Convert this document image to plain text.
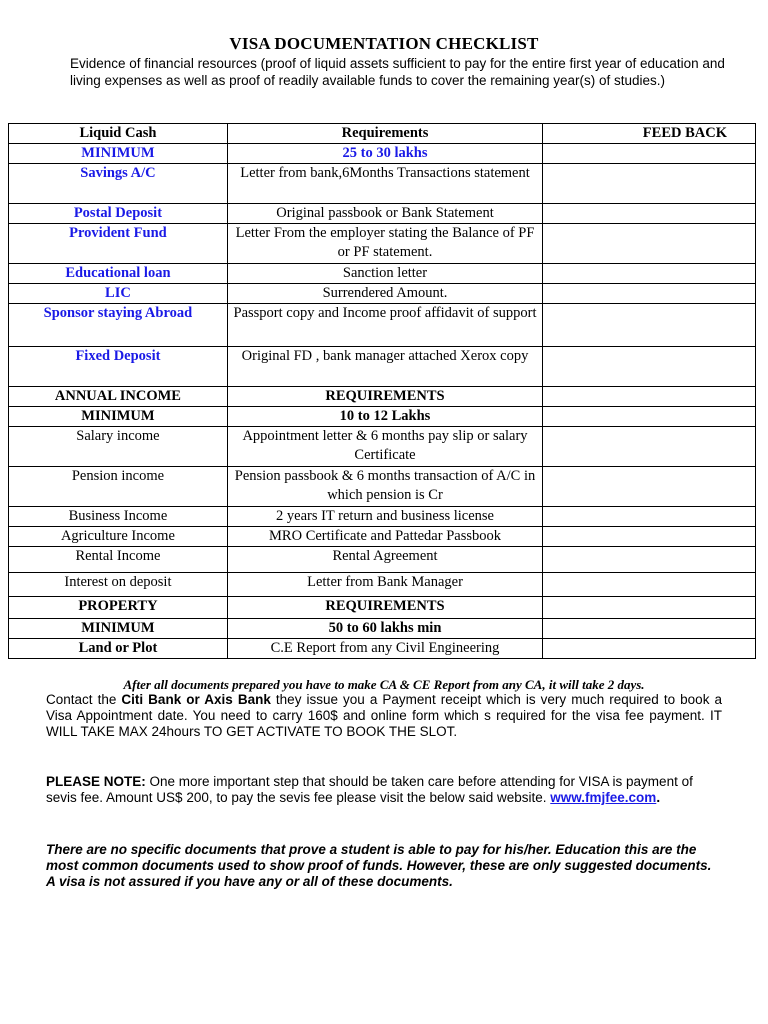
VISA DOCUMENTATION CHECKLIST
Evidence of financial resources (proof of liquid assets sufficient to pay for the entire first year of education and living expenses as well as proof of readily available funds to cover the remaining year(s) of studies.)
Liquid Cash	Requirements	FEED BACK
MINIMUM	25 to 30 lakhs	
Savings A/C	Letter from bank,6Months Transactions statement	
Postal Deposit	Original passbook or Bank Statement	
Provident Fund	Letter From the employer stating the Balance of PF or PF statement.	
Educational loan	Sanction letter	
LIC	Surrendered Amount.	
Sponsor staying Abroad	Passport copy and Income proof affidavit of support	
Fixed Deposit	Original FD , bank manager attached Xerox copy	
ANNUAL INCOME	REQUIREMENTS	
MINIMUM	10 to 12 Lakhs	
Salary income	Appointment letter & 6 months pay slip or salary Certificate	
Pension income	Pension passbook & 6 months transaction of A/C in which pension is Cr	
Business Income	2 years IT return and business license	
Agriculture Income	MRO Certificate and Pattedar Passbook	
Rental Income	Rental Agreement	
Interest on deposit	Letter from Bank Manager	
PROPERTY	REQUIREMENTS	
MINIMUM	50 to 60 lakhs min	
Land or Plot	C.E Report from any Civil Engineering	
After all documents prepared you have to make CA & CE Report from any CA, it will take 2 days.
Contact the Citi Bank or Axis Bank they issue you a Payment receipt which is very much required to book a Visa Appointment date. You need to carry 160$ and online form which s required for the visa fee payment. IT WILL TAKE MAX 24hours TO GET ACTIVATE TO BOOK THE SLOT.
PLEASE NOTE: One more important step that should be taken care before attending for VISA is payment of sevis fee. Amount US$ 200, to pay the sevis fee please visit the below said website. www.fmjfee.com.
There are no specific documents that prove a student is able to pay for his/her. Education this are the most common documents used to show proof of funds. However, these are only suggested documents. A visa is not assured if you have any or all of these documents.
